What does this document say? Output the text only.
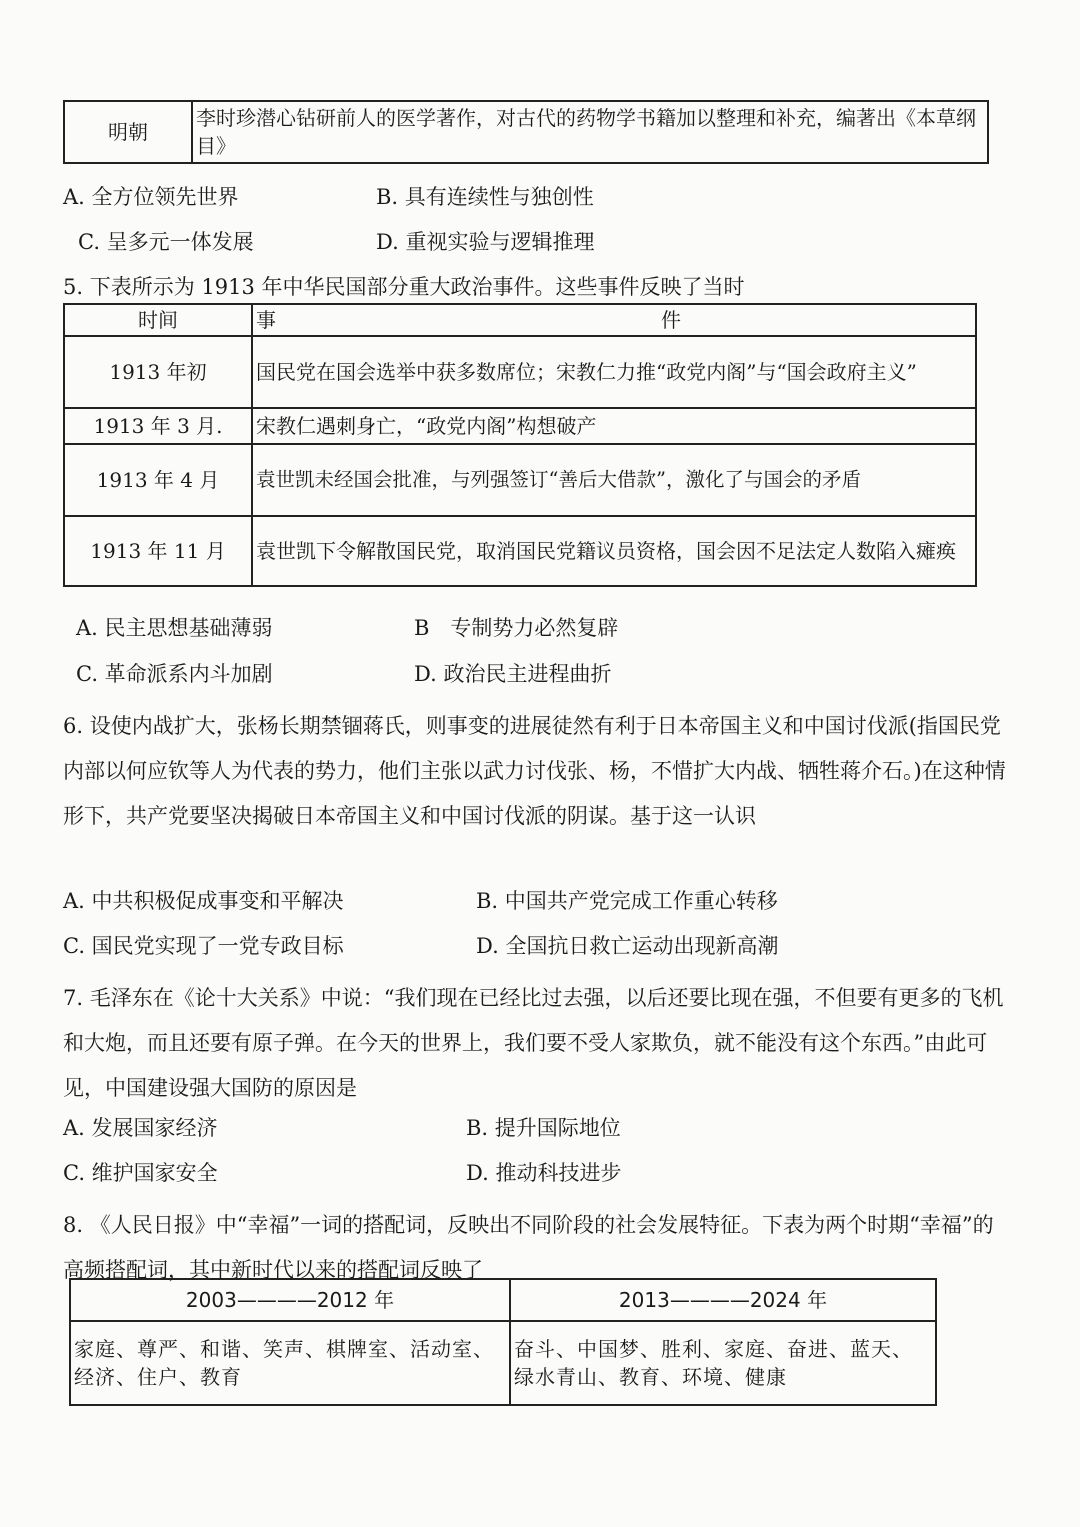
明朝	李时珍潜心钻研前人的医学著作，对古代的药物学书籍加以整理和补充，编著出《本草纲目》
A. 全方位领先世界	B. 具有连续性与独创性
C. 呈多元一体发展	D. 重视实验与逻辑推理
5. 下表所示为 1913 年中华民国部分重大政治事件。这些事件反映了当时
时间	事 件

1913 年初	国民党在国会选举中获多数席位；宋教仁力推“政党内阁”与“国会政府主义”
1913 年 3 月.	宋教仁遇刺身亡，“政党内阁”构想破产
1913 年 4 月	袁世凯未经国会批准，与列强签订“善后大借款”，激化了与国会的矛盾
1913 年 11 月	袁世凯下令解散国民党，取消国民党籍议员资格，国会因不足法定人数陷入瘫痪
A. 民主思想基础薄弱	B　专制势力必然复辟
C. 革命派系内斗加剧	D. 政治民主进程曲折
6. 设使内战扩大，张杨长期禁锢蒋氏，则事变的进展徒然有利于日本帝国主义和中国讨伐派(指国民党内部以何应钦等人为代表的势力，他们主张以武力讨伐张、杨，不惜扩大内战、牺牲蒋介石。)在这种情形下，共产党要坚决揭破日本帝国主义和中国讨伐派的阴谋。基于这一认识
A. 中共积极促成事变和平解决	B. 中国共产党完成工作重心转移
C. 国民党实现了一党专政目标	D. 全国抗日救亡运动出现新高潮
7. 毛泽东在《论十大关系》中说：“我们现在已经比过去强，以后还要比现在强，不但要有更多的飞机和大炮，而且还要有原子弹。在今天的世界上，我们要不受人家欺负，就不能没有这个东西。”由此可见，中国建设强大国防的原因是
A. 发展国家经济	B. 提升国际地位
C. 维护国家安全	D. 推动科技进步
8. 《人民日报》中“幸福”一词的搭配词，反映出不同阶段的社会发展特征。下表为两个时期“幸福”的高频搭配词，其中新时代以来的搭配词反映了
2003————2012 年	2013————2024 年
家庭、尊严、和谐、笑声、棋牌室、活动室、经济、住户、教育	奋斗、中国梦、胜利、家庭、奋进、蓝天、绿水青山、教育、环境、健康
